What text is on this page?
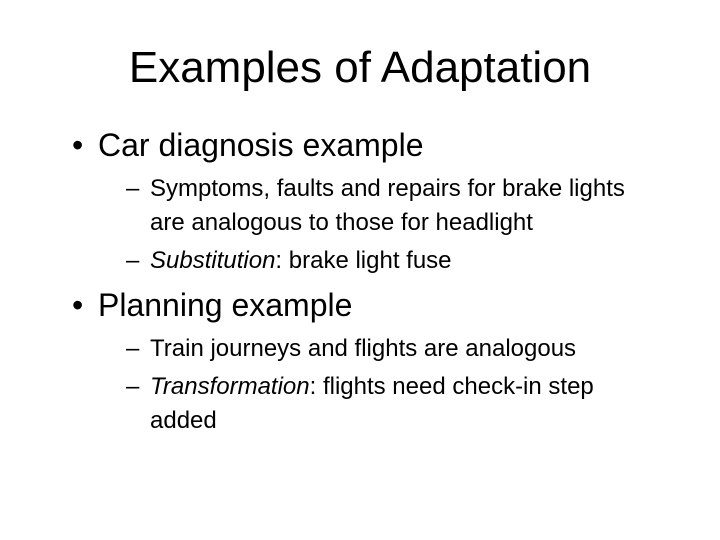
Examples of Adaptation
• Car diagnosis example
– Symptoms, faults and repairs for brake lights are analogous to those for headlight
– Substitution: brake light fuse
• Planning example
– Train journeys and flights are analogous
– Transformation: flights need check-in step added
